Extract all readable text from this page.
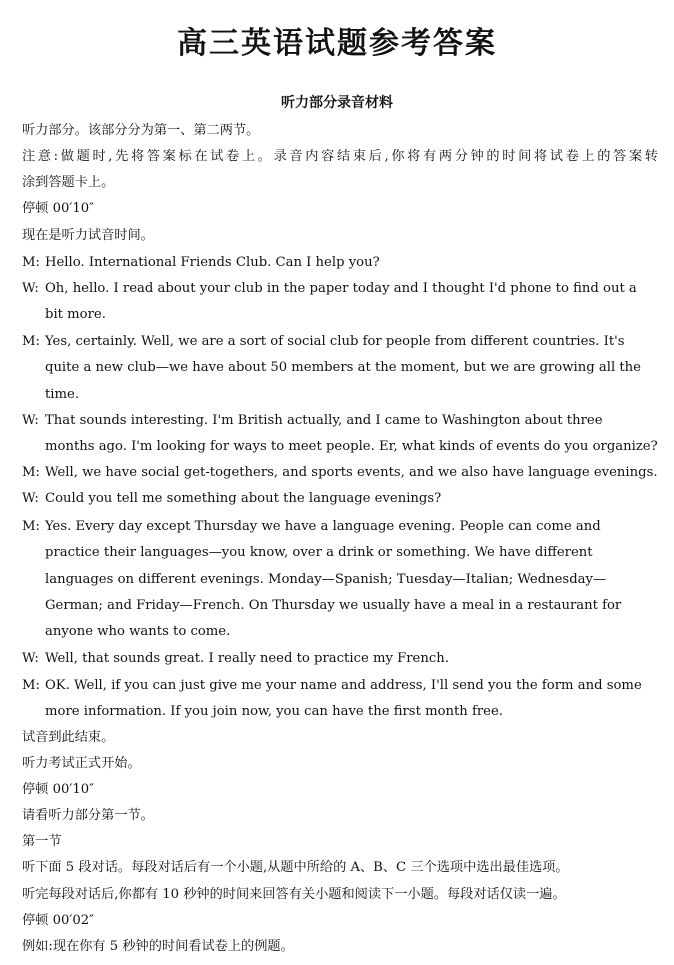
高三英语试题参考答案
听力部分录音材料
听力部分。该部分分为第一、第二两节。
注意:做题时,先将答案标在试卷上。录音内容结束后,你将有两分钟的时间将试卷上的答案转
涂到答题卡上。
停顿 00′10″
现在是听力试音时间。
M: Hello. International Friends Club. Can I help you?
W: Oh, hello. I read about your club in the paper today and I thought I'd phone to find out a
bit more.
M: Yes, certainly. Well, we are a sort of social club for people from different countries. It's
quite a new club—we have about 50 members at the moment, but we are growing all the
time.
W: That sounds interesting. I'm British actually, and I came to Washington about three
months ago. I'm looking for ways to meet people. Er, what kinds of events do you organize?
M: Well, we have social get-togethers, and sports events, and we also have language evenings.
W: Could you tell me something about the language evenings?
M: Yes. Every day except Thursday we have a language evening. People can come and
practice their languages—you know, over a drink or something. We have different
languages on different evenings. Monday—Spanish; Tuesday—Italian; Wednesday—
German; and Friday—French. On Thursday we usually have a meal in a restaurant for
anyone who wants to come.
W: Well, that sounds great. I really need to practice my French.
M: OK. Well, if you can just give me your name and address, I'll send you the form and some
more information. If you join now, you can have the first month free.
试音到此结束。
听力考试正式开始。
停顿 00′10″
请看听力部分第一节。
第一节
听下面 5 段对话。每段对话后有一个小题,从题中所给的 A、B、C 三个选项中选出最佳选项。
听完每段对话后,你都有 10 秒钟的时间来回答有关小题和阅读下一小题。每段对话仅读一遍。
停顿 00′02″
例如:现在你有 5 秒钟的时间看试卷上的例题。
